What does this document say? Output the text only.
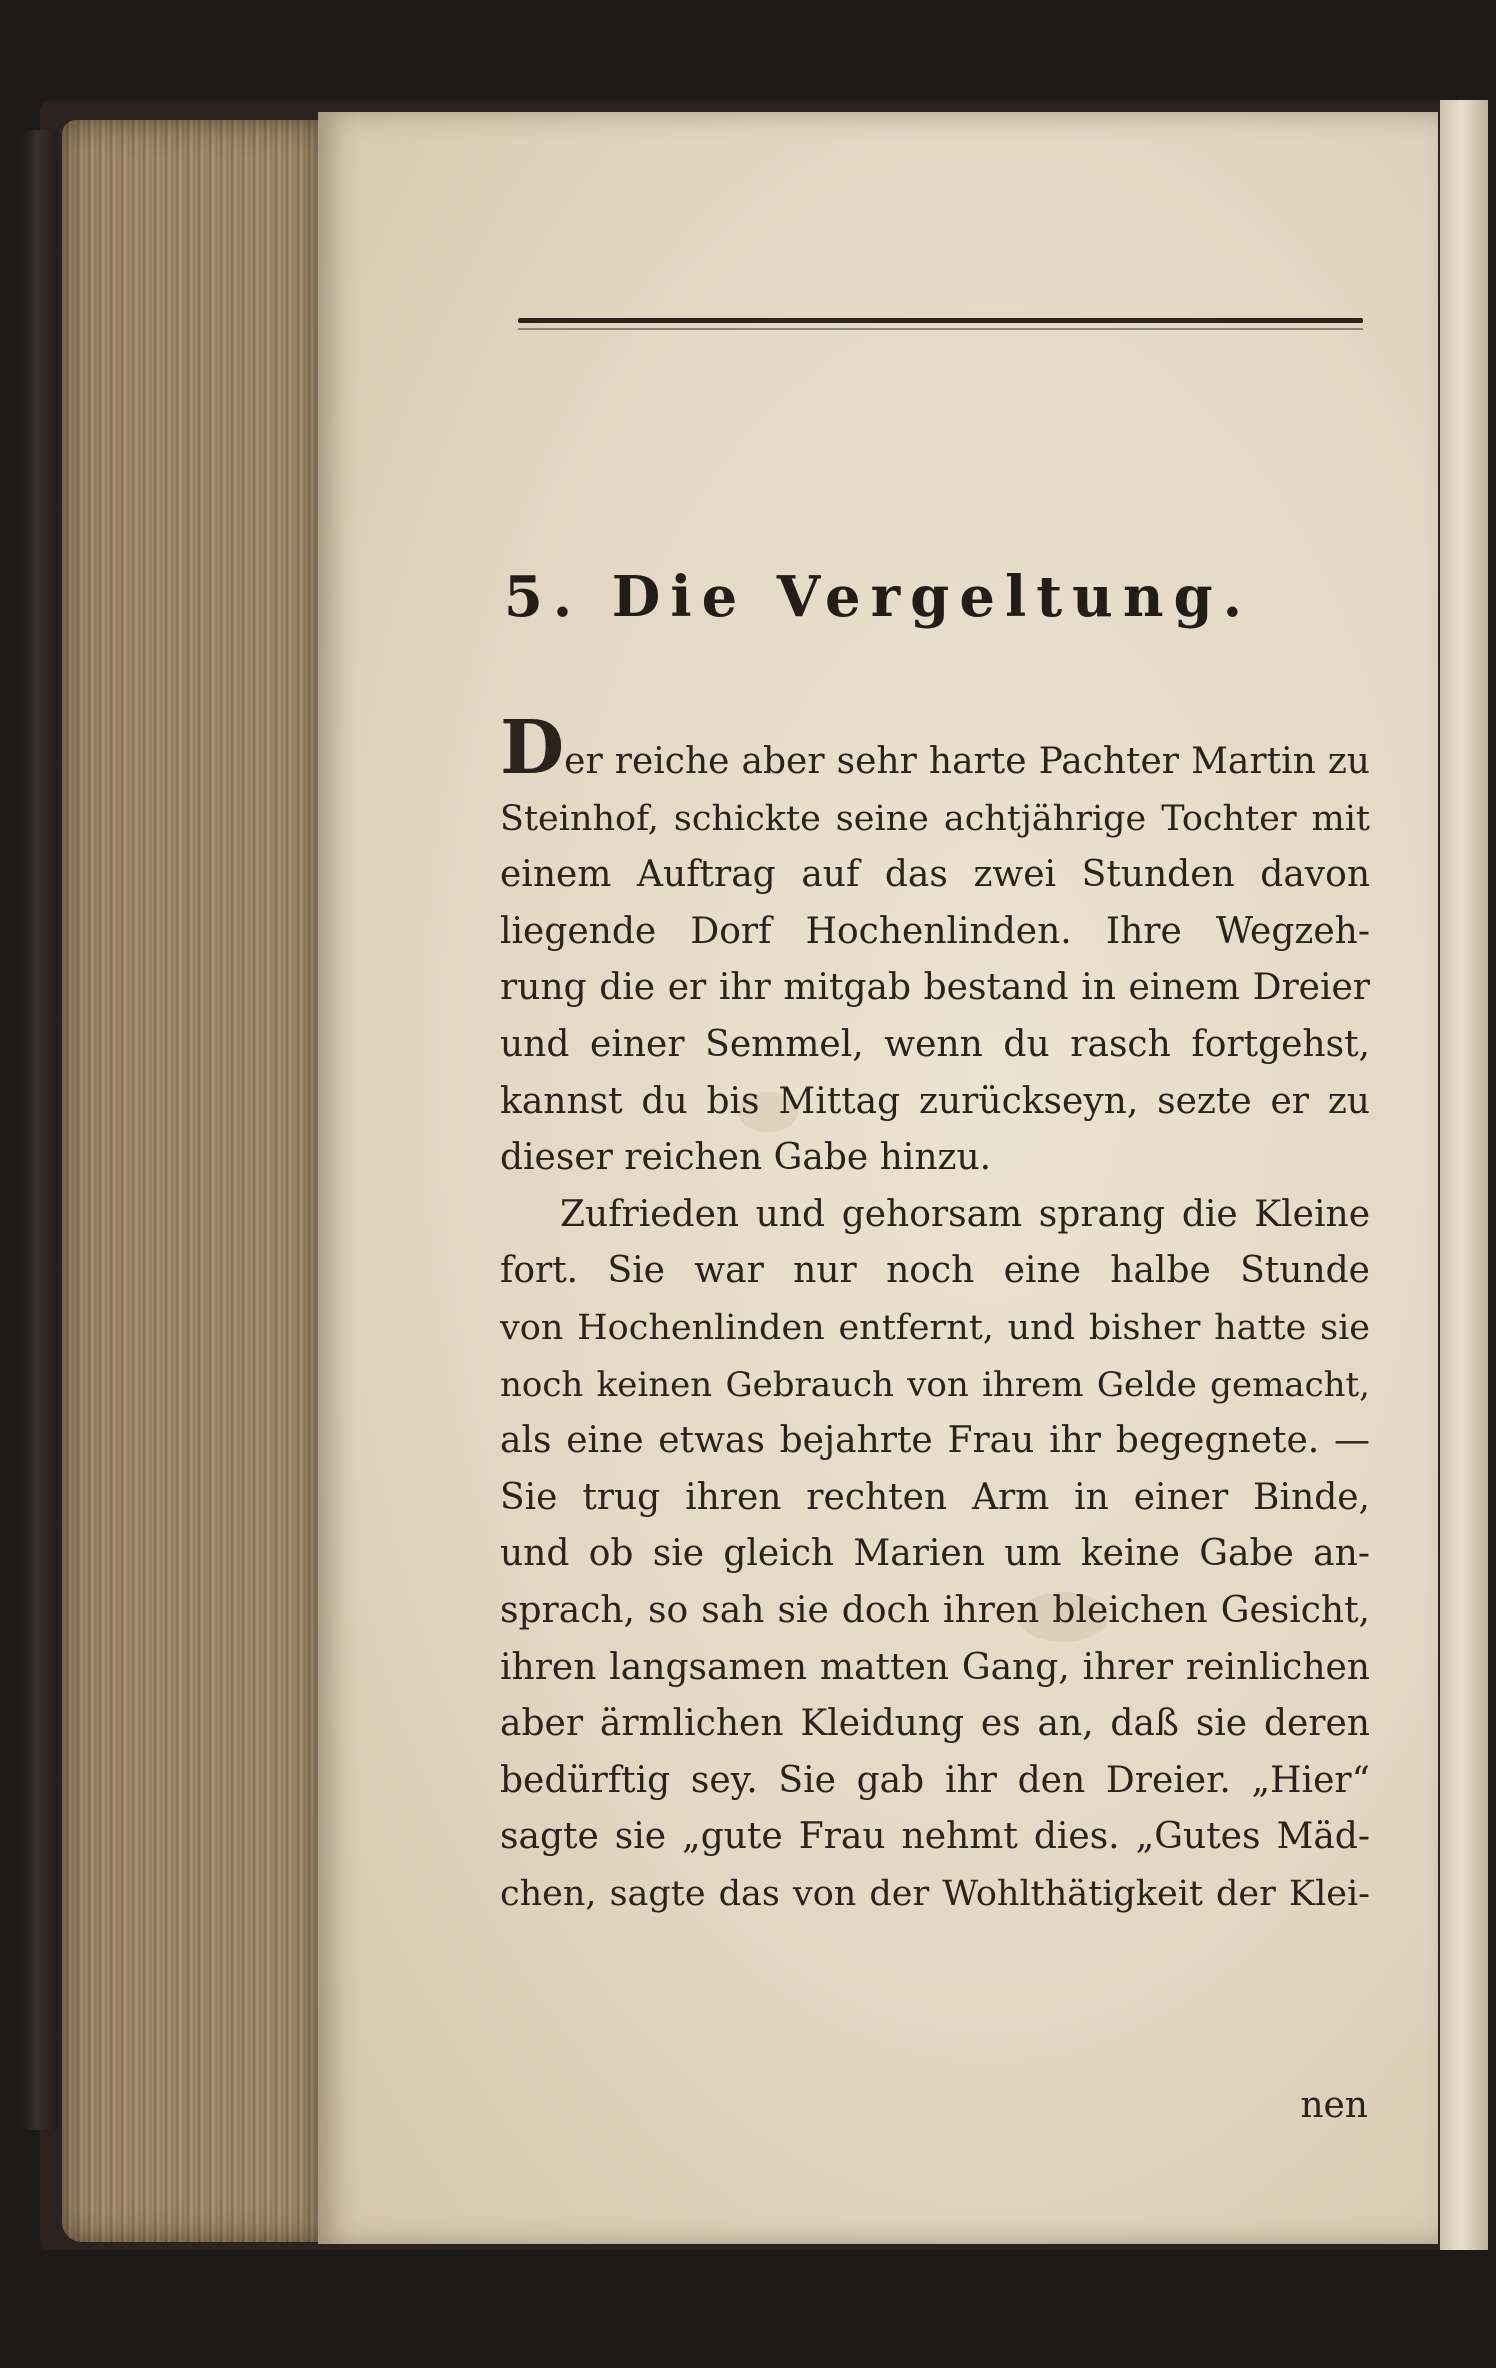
5. Die Vergeltung.
Der reiche aber sehr harte Pachter Martin zu
Steinhof, schickte seine achtjährige Tochter mit
einem Auftrag auf das zwei Stunden davon
liegende Dorf Hochenlinden. Ihre Wegzeh-
rung die er ihr mitgab bestand in einem Dreier
und einer Semmel, wenn du rasch fortgehst,
kannst du bis Mittag zurückseyn, sezte er zu
dieser reichen Gabe hinzu.
Zufrieden und gehorsam sprang die Kleine
fort. Sie war nur noch eine halbe Stunde
von Hochenlinden entfernt, und bisher hatte sie
noch keinen Gebrauch von ihrem Gelde gemacht,
als eine etwas bejahrte Frau ihr begegnete. —
Sie trug ihren rechten Arm in einer Binde,
und ob sie gleich Marien um keine Gabe an-
sprach, so sah sie doch ihren bleichen Gesicht,
ihren langsamen matten Gang, ihrer reinlichen
aber ärmlichen Kleidung es an, daß sie deren
bedürftig sey. Sie gab ihr den Dreier. „Hier“
sagte sie „gute Frau nehmt dies. „Gutes Mäd-
chen, sagte das von der Wohlthätigkeit der Klei-
nen
